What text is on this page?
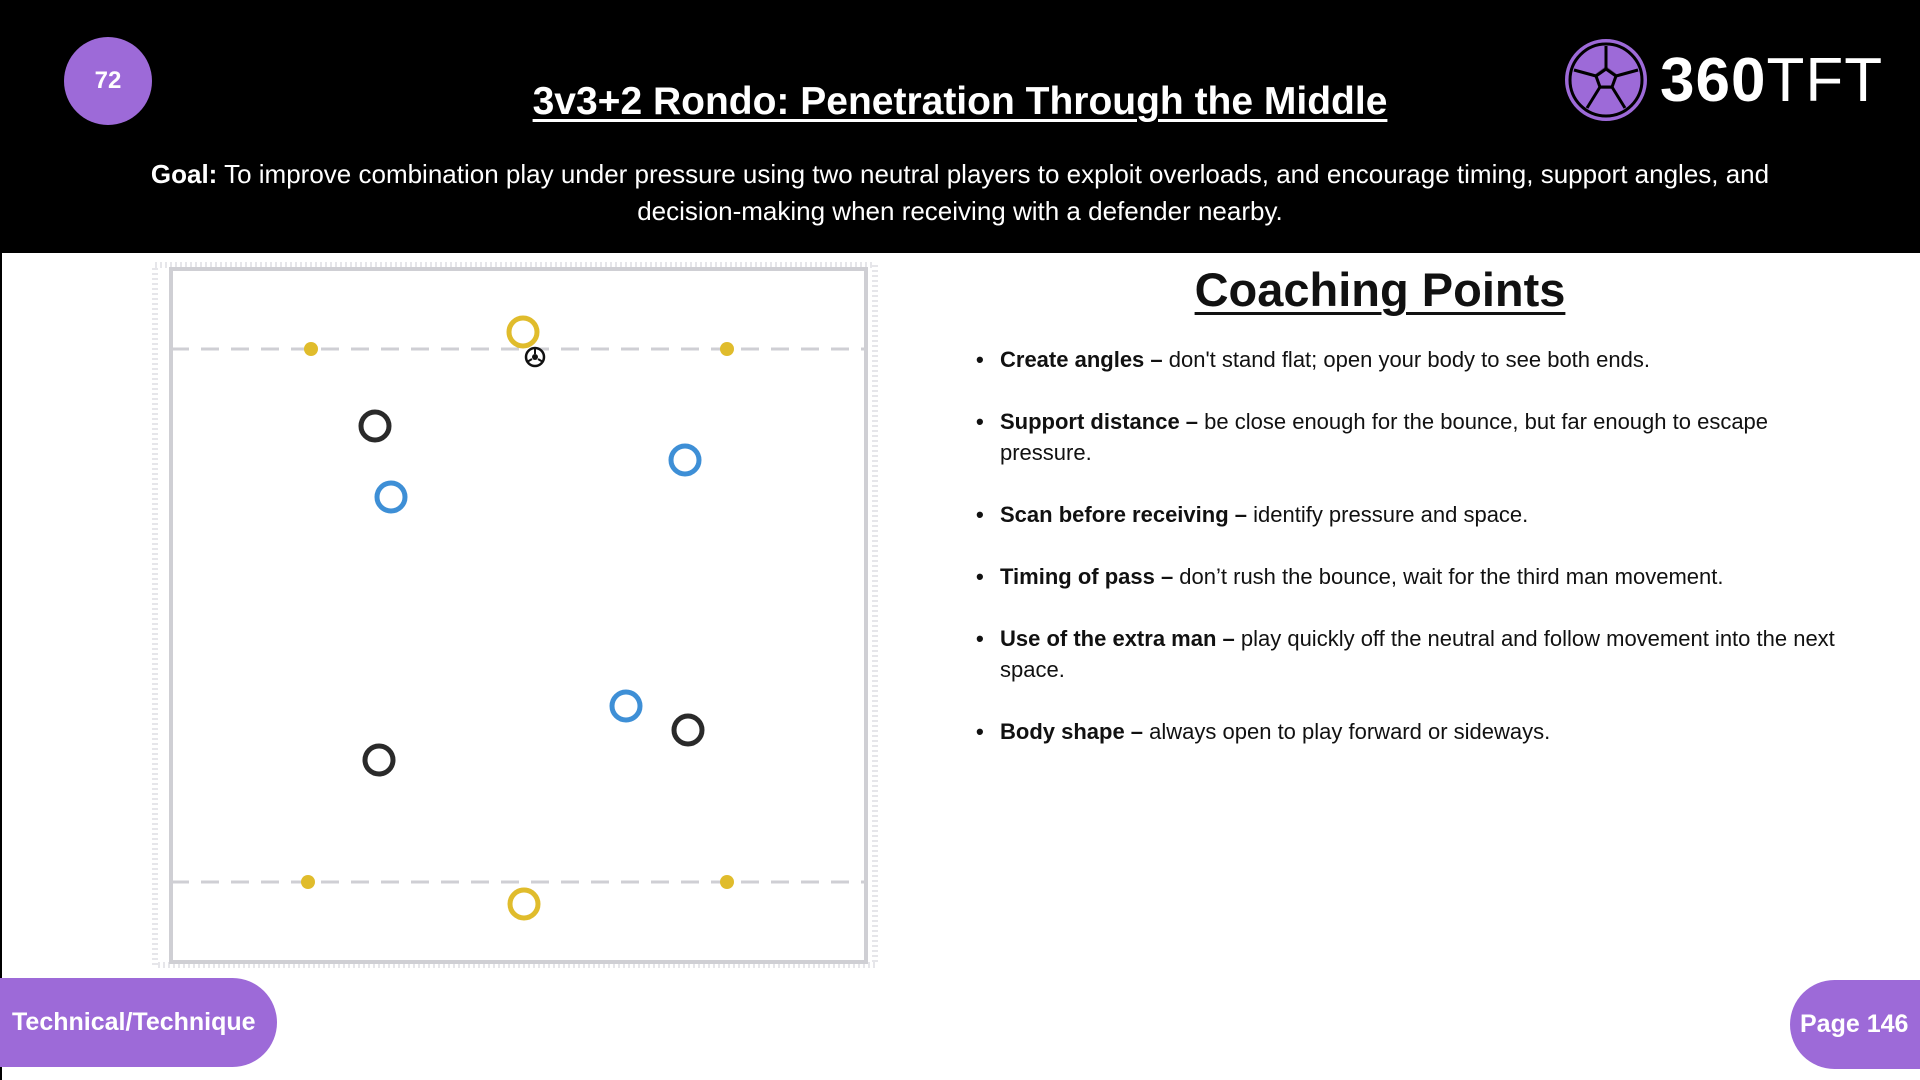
72	3v3+2 Rondo: Penetration Through the Middle	360TFT
Goal: To improve combination play under pressure using two neutral players to exploit overloads, and encourage timing, support angles, and decision-making when receiving with a defender nearby.
Coaching Points
• Create angles – don't stand flat; open your body to see both ends.
• Support distance – be close enough for the bounce, but far enough to escape pressure.
• Scan before receiving – identify pressure and space.
• Timing of pass – don’t rush the bounce, wait for the third man movement.
• Use of the extra man – play quickly off the neutral and follow movement into the next space.
• Body shape – always open to play forward or sideways.
Technical/Technique	Page 146
